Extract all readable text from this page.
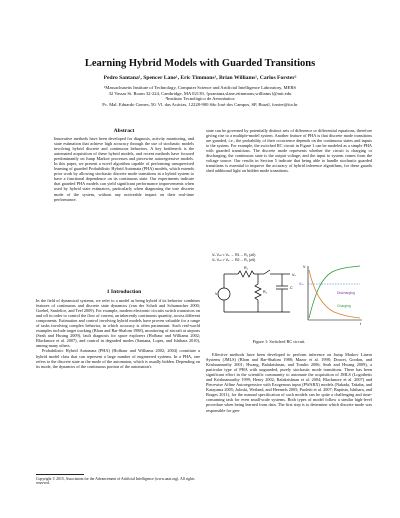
Learning Hybrid Models with Guarded Transitions
Pedro Santana¹, Spencer Lane¹, Eric Timmons¹, Brian Williams¹, Carlos Forster²
¹Massachusetts Institute of Technology, Computer Science and Artificial Intelligence Laboratory, MERS
32 Vassar St. Room 32-224, Cambridge, MA 02139, {psantana,slane,etimmons,williams}@mit.edu
²Instituto Tecnológico de Aeronáutica
Pc. Mal. Eduardo Gomes, 50. Vl. das Acácias, 12228-900 São José dos Campos, SP, Brazil, forster@ita.br
Abstract

Innovative methods have been developed for diagnosis, activity monitoring, and state estimation that achieve high accuracy through the use of stochastic models involving hybrid discrete and continuous behaviors. A key bottleneck is the automated acquisition of these hybrid models, and recent methods have focused predominantly on Jump Markov processes and piecewise autoregressive models. In this paper, we present a novel algorithm capable of performing unsupervised learning of guarded Probabilistic Hybrid Automata (PHA) models, which extends prior work by allowing stochastic discrete mode transitions in a hybrid system to have a functional dependence on its continuous state. Our experiments indicate that guarded PHA models can yield significant performance improvements when used by hybrid state estimators, particularly when diagnosing the true discrete mode of the system, without any noticeable impact on their real-time performance.

1 Introduction

In the field of dynamical systems, we refer to a model as being hybrid if its behavior combines features of continuous and discrete state dynamics (van der Schaft and Schumacher 2000; Goebel, Sanfelice, and Teel 2009). For example, modern electronic circuits switch transistors on and off in order to control the flow of current, an inherently continuous quantity, across different components. Estimation and control involving hybrid models have proven valuable for a range of tasks involving complex behavior, in which accuracy is often paramount. Such real-world examples include target tracking (Blom and Bar-Shalom 1988), monitoring of aircraft at airports (Seah and Hwang 2009), fault diagnosis for space explorers (Hofbaur and Williams 2002; Blackmore et al. 2007), and control in degraded modes (Santana, Lopes, and Ishihara 2010), among many others.

Probabilistic Hybrid Automata (PHA) (Hofbaur and Williams 2002; 2004) constitute a hybrid model class that can represent a large number of engineered systems. In a PHA, one refers to the discrete state as the mode of the automaton, which is usually hidden. Depending on its mode, the dynamics of the continuous portion of the automaton's

Copyright © 2015, Association for the Advancement of Artificial Intelligence (www.aaai.org). All rights reserved.

state can be governed by potentially distinct sets of difference or differential equations, therefore giving rise to a multiple-model system. Another feature of PHA is that discrete mode transitions are guarded, i.e., the probability of their occurrence depends on the continuous states and inputs to the system. For example, the switched RC circuit in Figure 1 can be modeled as a simple PHA with guarded transitions. The discrete mode represents whether the circuit is charging or discharging, the continuous state is the output voltage; and the input to system comes from the voltage source. Our results in Section 5 indicate that being able to handle stochastic guarded transitions is essential to improve the accuracy of hybrid inference algorithms, for these guards shed additional light on hidden mode transitions.

Vₓ Vₒₗₗ < Vₐ → R1→ R₂ (≥0)
Vₓ Vₒₗₗ > Vₐ → R2→ R₁ (≥0)
Vₛ
R₁
R₂
C
Vₒ
V
t
Vₜₕ
Discharging
Charging
Figure 1: Switched RC circuit.

Effective methods have been developed to perform inference on Jump Markov Linear Systems (JMLS) (Blom and Bar-Shalom 1988; Mazor et al. 1998; Doucet, Gordon, and Krishnamurthy 2001; Hwang, Balakrishnan, and Tomlin 2006; Seah and Hwang 2009), a particular type of PHA with unguarded, purely stochastic mode transitions. There has been significant effort in the scientific community to automate the acquisition of JMLS (Logothetis and Krishnamurthy 1999; Henry 2002; Balakrishnan et al. 2004; Blackmore et al. 2007) and Piecewise Affine Autoregressive with Exogenous input (PWARX) models (Nakada, Takaba, and Katayama 2005; Juloski, Weiland, and Heemels 2005; Paoletti et al. 2007; Baptista, Ishihara, and Borges 2011), for the manual specification of such models can be quite a challenging and time-consuming task for even small-scale systems. Both types of model follow a similar high-level procedure when being learned from data. The first step is to determine which discrete mode was responsible for gen-
